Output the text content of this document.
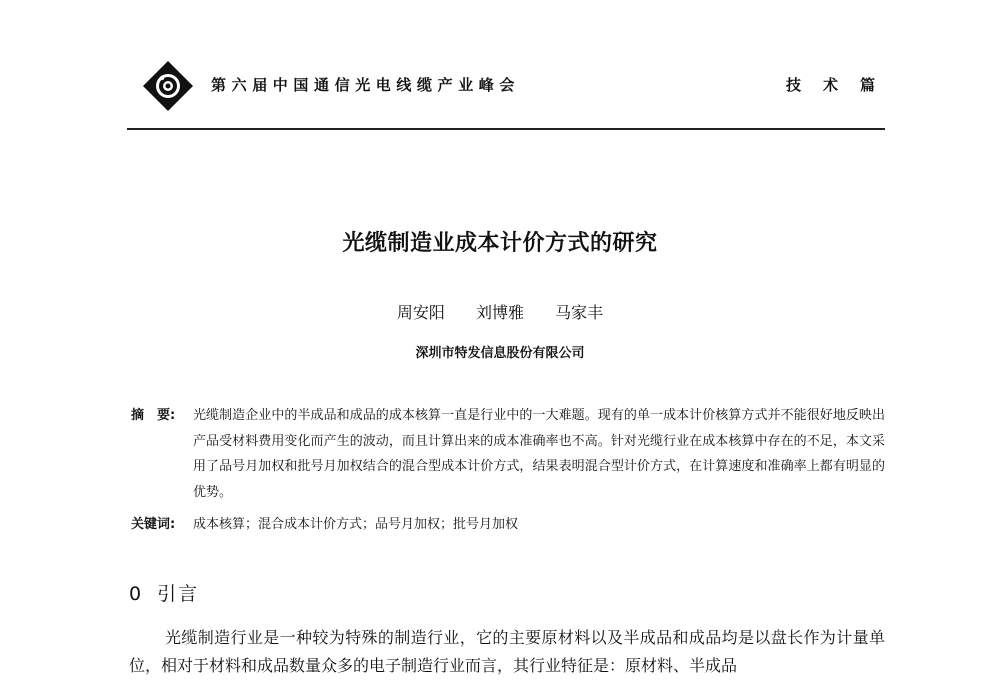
第六届中国通信光电线缆产业峰会	技术篇
光缆制造业成本计价方式的研究
周安阳 刘博雅 马家丰
深圳市特发信息股份有限公司
摘　要: 光缆制造企业中的半成品和成品的成本核算一直是行业中的一大难题。现有的单一成本计价核算方式并不能很好地反映出产品受材料费用变化而产生的波动，而且计算出来的成本准确率也不高。针对光缆行业在成本核算中存在的不足，本文采用了品号月加权和批号月加权结合的混合型成本计价方式，结果表明混合型计价方式，在计算速度和准确率上都有明显的优势。
关键词: 成本核算；混合成本计价方式；品号月加权；批号月加权
0 引言
光缆制造行业是一种较为特殊的制造行业，它的主要原材料以及半成品和成品均是以盘长作为计量单位，相对于材料和成品数量众多的电子制造行业而言，其行业特征是：原材料、半成品
